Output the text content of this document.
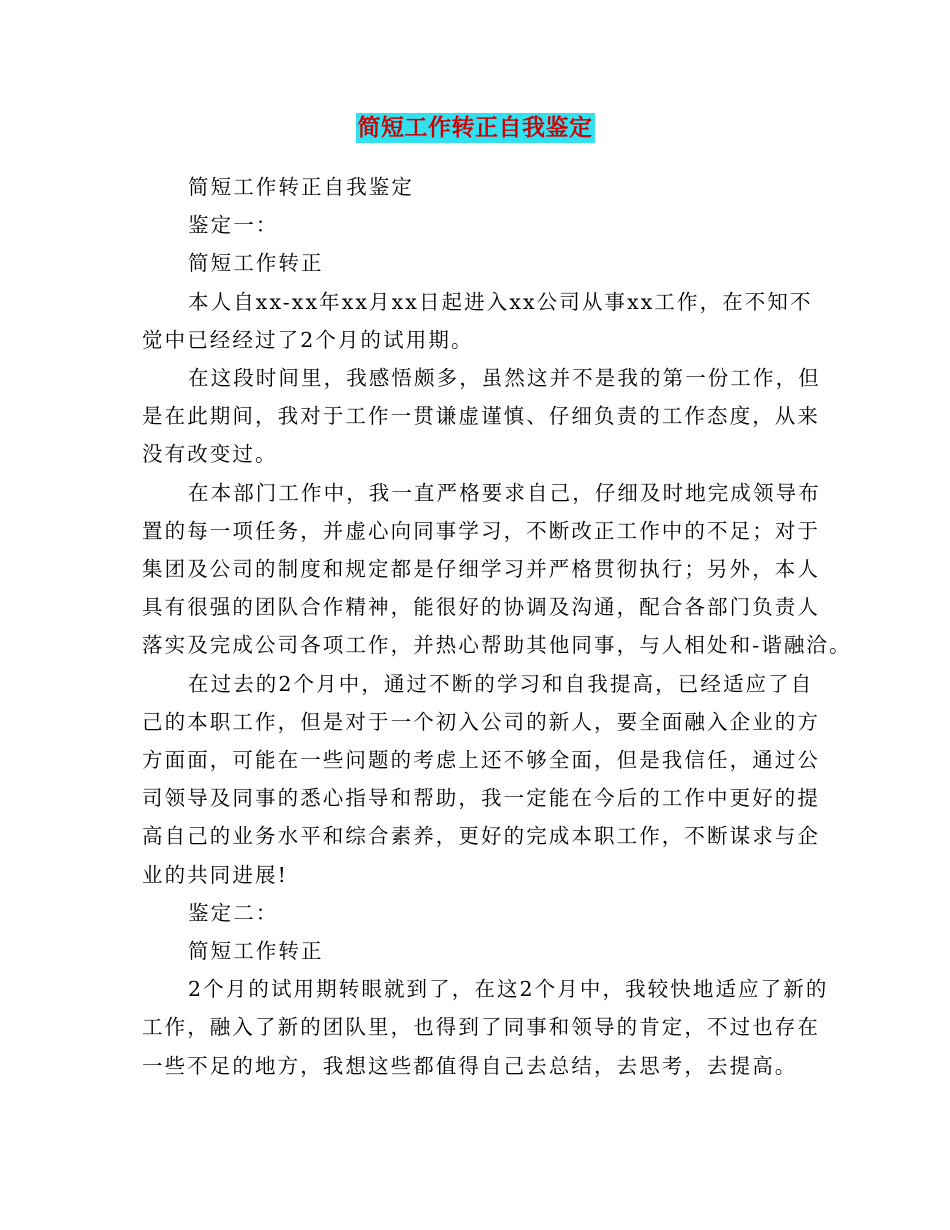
简短工作转正自我鉴定

简短工作转正自我鉴定

鉴定一：

简短工作转正

本人自xx-xx年xx月xx日起进入xx公司从事xx工作，在不知不

觉中已经经过了2个月的试用期。

在这段时间里，我感悟颇多，虽然这并不是我的第一份工作，但

是在此期间，我对于工作一贯谦虚谨慎、仔细负责的工作态度，从来

没有改变过。

在本部门工作中，我一直严格要求自己，仔细及时地完成领导布

置的每一项任务，并虚心向同事学习，不断改正工作中的不足；对于

集团及公司的制度和规定都是仔细学习并严格贯彻执行；另外，本人

具有很强的团队合作精神，能很好的协调及沟通，配合各部门负责人

落实及完成公司各项工作，并热心帮助其他同事，与人相处和-谐融洽。

在过去的2个月中，通过不断的学习和自我提高，已经适应了自

己的本职工作，但是对于一个初入公司的新人，要全面融入企业的方

方面面，可能在一些问题的考虑上还不够全面，但是我信任，通过公

司领导及同事的悉心指导和帮助，我一定能在今后的工作中更好的提

高自己的业务水平和综合素养，更好的完成本职工作，不断谋求与企

业的共同进展!

鉴定二：

简短工作转正

2个月的试用期转眼就到了，在这2个月中，我较快地适应了新的

工作，融入了新的团队里，也得到了同事和领导的肯定，不过也存在

一些不足的地方，我想这些都值得自己去总结，去思考，去提高。
